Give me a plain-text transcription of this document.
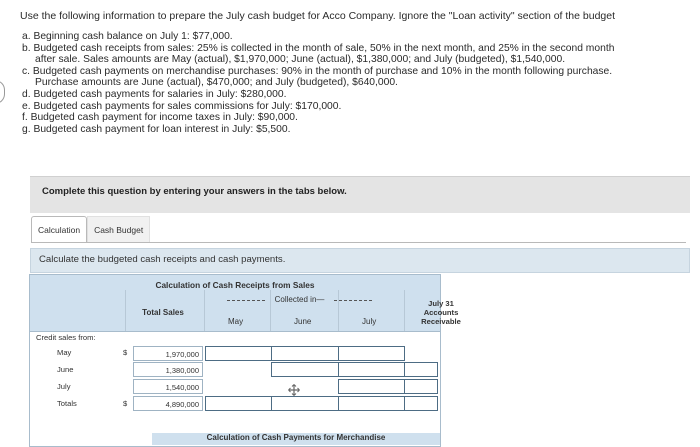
Use the following information to prepare the July cash budget for Acco Company. Ignore the "Loan activity" section of the budget
a. Beginning cash balance on July 1: $77,000.
b. Budgeted cash receipts from sales: 25% is collected in the month of sale, 50% in the next month, and 25% in the second month
after sale. Sales amounts are May (actual), $1,970,000; June (actual), $1,380,000; and July (budgeted), $1,540,000.
c. Budgeted cash payments on merchandise purchases: 90% in the month of purchase and 10% in the month following purchase.
Purchase amounts are June (actual), $470,000; and July (budgeted), $640,000.
d. Budgeted cash payments for salaries in July: $280,000.
e. Budgeted cash payments for sales commissions for July: $170,000.
f. Budgeted cash payment for income taxes in July: $90,000.
g. Budgeted cash payment for loan interest in July: $5,500.
Complete this question by entering your answers in the tabs below.
Calculation	Cash Budget
Calculate the budgeted cash receipts and cash payments.
Calculation of Cash Receipts from Sales
Total Sales
Collected in—
May	June	July
July 31
Accounts
Receivable
Credit sales from:
May	$	1,970,000
June	1,380,000
July	1,540,000
Totals	$	4,890,000
Calculation of Cash Payments for Merchandise
